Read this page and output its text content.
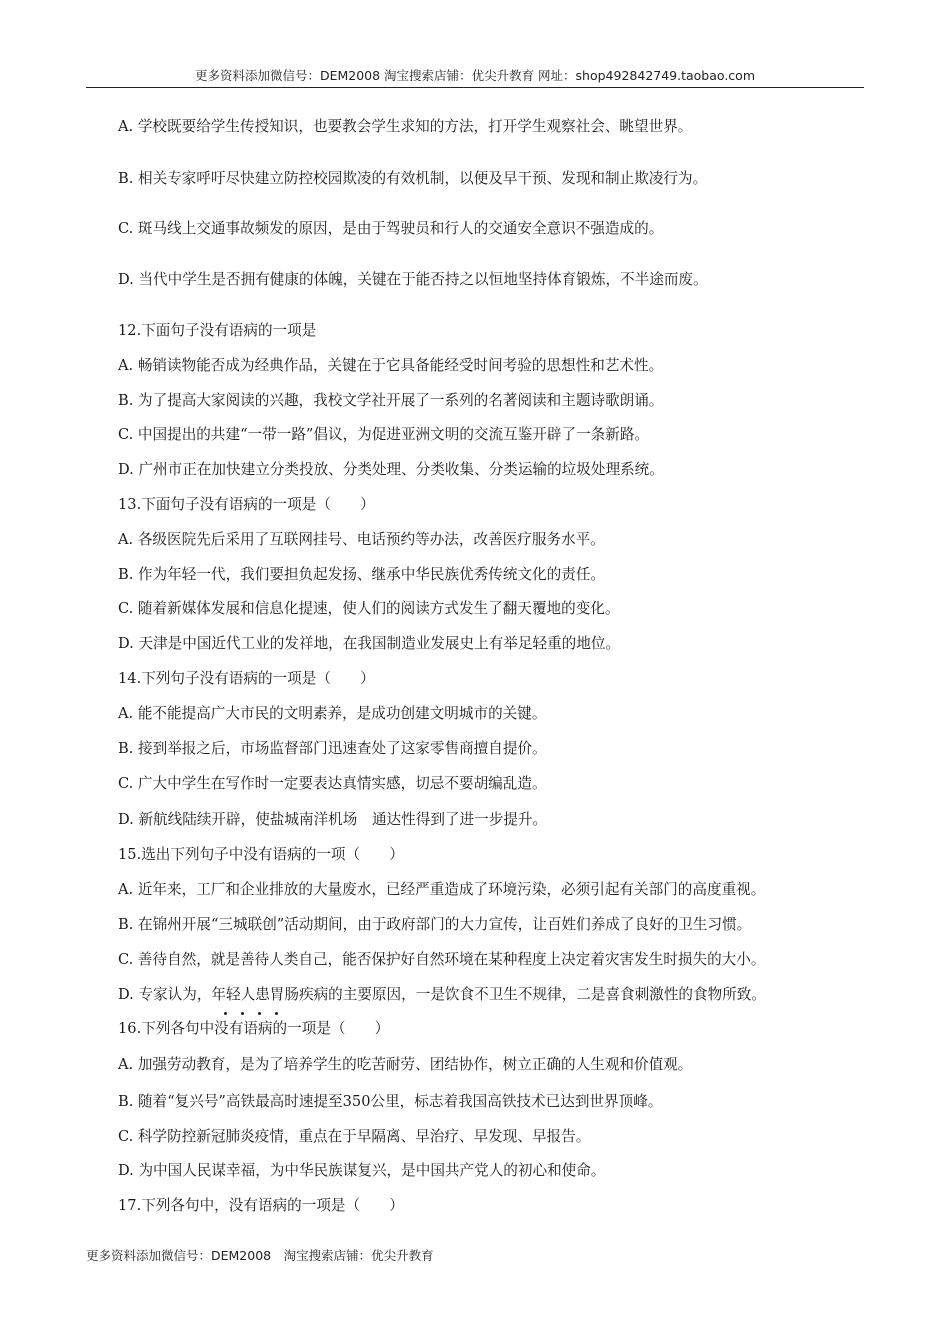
更多资料添加微信号：DEM2008 淘宝搜索店铺：优尖升教育 网址：shop492842749.taobao.com
A. 学校既要给学生传授知识，也要教会学生求知的方法，打开学生观察社会、眺望世界。
B. 相关专家呼吁尽快建立防控校园欺凌的有效机制，以便及早干预、发现和制止欺凌行为。
C. 斑马线上交通事故频发的原因，是由于驾驶员和行人的交通安全意识不强造成的。
D. 当代中学生是否拥有健康的体魄，关键在于能否持之以恒地坚持体育锻炼，不半途而废。
12.下面句子没有语病的一项是
A. 畅销读物能否成为经典作品，关键在于它具备能经受时间考验的思想性和艺术性。
B. 为了提高大家阅读的兴趣，我校文学社开展了一系列的名著阅读和主题诗歌朗诵。
C. 中国提出的共建“一带一路”倡议，为促进亚洲文明的交流互鉴开辟了一条新路。
D. 广州市正在加快建立分类投放、分类处理、分类收集、分类运输的垃圾处理系统。
13.下面句子没有语病的一项是（　　）
A. 各级医院先后采用了互联网挂号、电话预约等办法，改善医疗服务水平。
B. 作为年轻一代，我们要担负起发扬、继承中华民族优秀传统文化的责任。
C. 随着新媒体发展和信息化提速，使人们的阅读方式发生了翻天覆地的变化。
D. 天津是中国近代工业的发祥地，在我国制造业发展史上有举足轻重的地位。
14.下列句子没有语病的一项是（　　）
A. 能不能提高广大市民的文明素养，是成功创建文明城市的关键。
B. 接到举报之后，市场监督部门迅速查处了这家零售商擅自提价。
C. 广大中学生在写作时一定要表达真情实感，切忌不要胡编乱造。
D. 新航线陆续开辟，使盐城南洋机场　通达性得到了进一步提升。
15.选出下列句子中没有语病的一项（　　）
A. 近年来，工厂和企业排放的大量废水，已经严重造成了环境污染，必须引起有关部门的高度重视。
B. 在锦州开展“三城联创”活动期间，由于政府部门的大力宣传，让百姓们养成了良好的卫生习惯。
C. 善待自然，就是善待人类自己，能否保护好自然环境在某种程度上决定着灾害发生时损失的大小。
D. 专家认为，年轻人患胃肠疾病的主要原因，一是饮食不卫生不规律，二是喜食刺激性的食物所致。
16.下列各句中没有语病的一项是（　　）
A. 加强劳动教育，是为了培养学生的吃苦耐劳、团结协作，树立正确的人生观和价值观。
B. 随着“复兴号”高铁最高时速提至350公里，标志着我国高铁技术已达到世界顶峰。
C. 科学防控新冠肺炎疫情，重点在于早隔离、早治疗、早发现、早报告。
D. 为中国人民谋幸福，为中华民族谋复兴，是中国共产党人的初心和使命。
17.下列各句中，没有语病的一项是（　　）
更多资料添加微信号：DEM2008　淘宝搜索店铺：优尖升教育
